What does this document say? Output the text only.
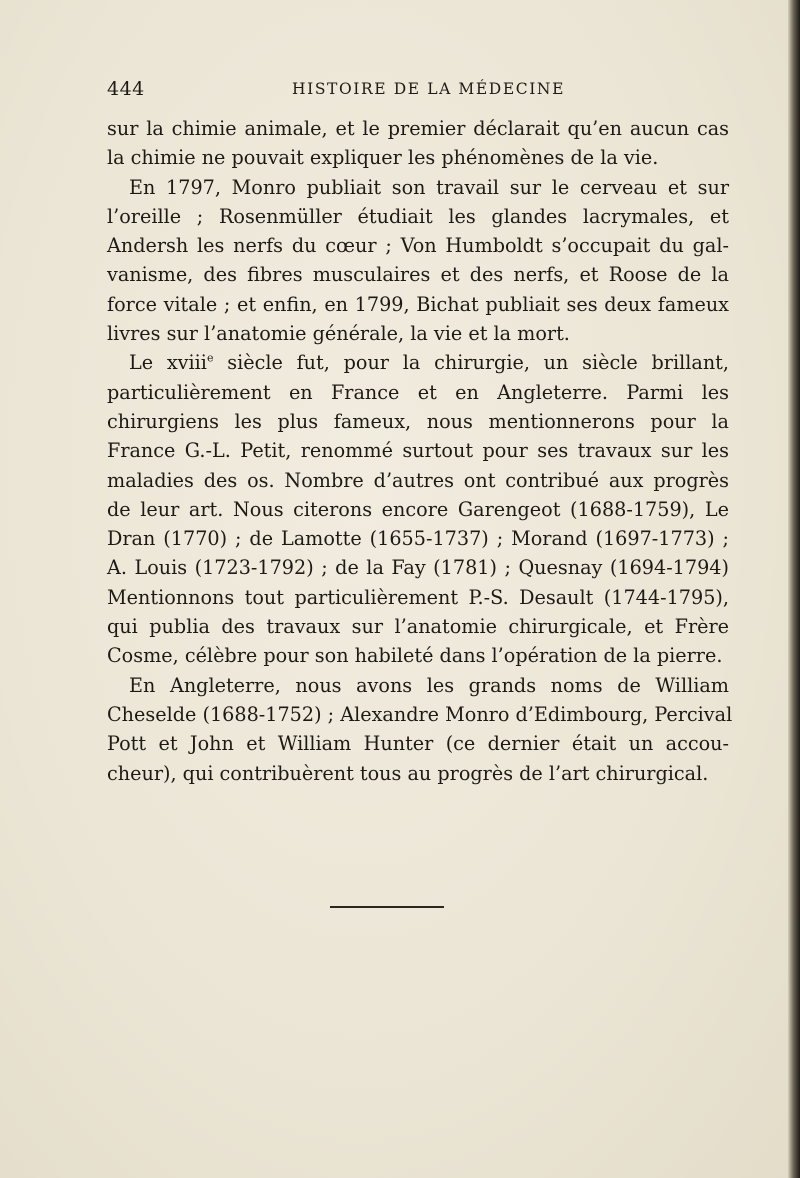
444	HISTOIRE DE LA MÉDECINE
sur la chimie animale, et le premier déclarait qu’en aucun cas
la chimie ne pouvait expliquer les phénomènes de la vie.
En 1797, Monro publiait son travail sur le cerveau et sur
l’oreille ; Rosenmüller étudiait les glandes lacrymales, et
Andersh les nerfs du cœur ; Von Humboldt s’occupait du gal-
vanisme, des fibres musculaires et des nerfs, et Roose de la
force vitale ; et enfin, en 1799, Bichat publiait ses deux fameux
livres sur l’anatomie générale, la vie et la mort.
Le xviii$^e$ siècle fut, pour la chirurgie, un siècle brillant,
particulièrement en France et en Angleterre. Parmi les
chirurgiens les plus fameux, nous mentionnerons pour la
France G.-L. Petit, renommé surtout pour ses travaux sur les
maladies des os. Nombre d’autres ont contribué aux progrès
de leur art. Nous citerons encore Garengeot (1688-1759), Le
Dran (1770) ; de Lamotte (1655-1737) ; Morand (1697-1773) ;
A. Louis (1723-1792) ; de la Fay (1781) ; Quesnay (1694-1794)
Mentionnons tout particulièrement P.-S. Desault (1744-1795),
qui publia des travaux sur l’anatomie chirurgicale, et Frère
Cosme, célèbre pour son habileté dans l’opération de la pierre.
En Angleterre, nous avons les grands noms de William
Cheselde (1688-1752) ; Alexandre Monro d’Edimbourg, Percival
Pott et John et William Hunter (ce dernier était un accou-
cheur), qui contribuèrent tous au progrès de l’art chirurgical.
